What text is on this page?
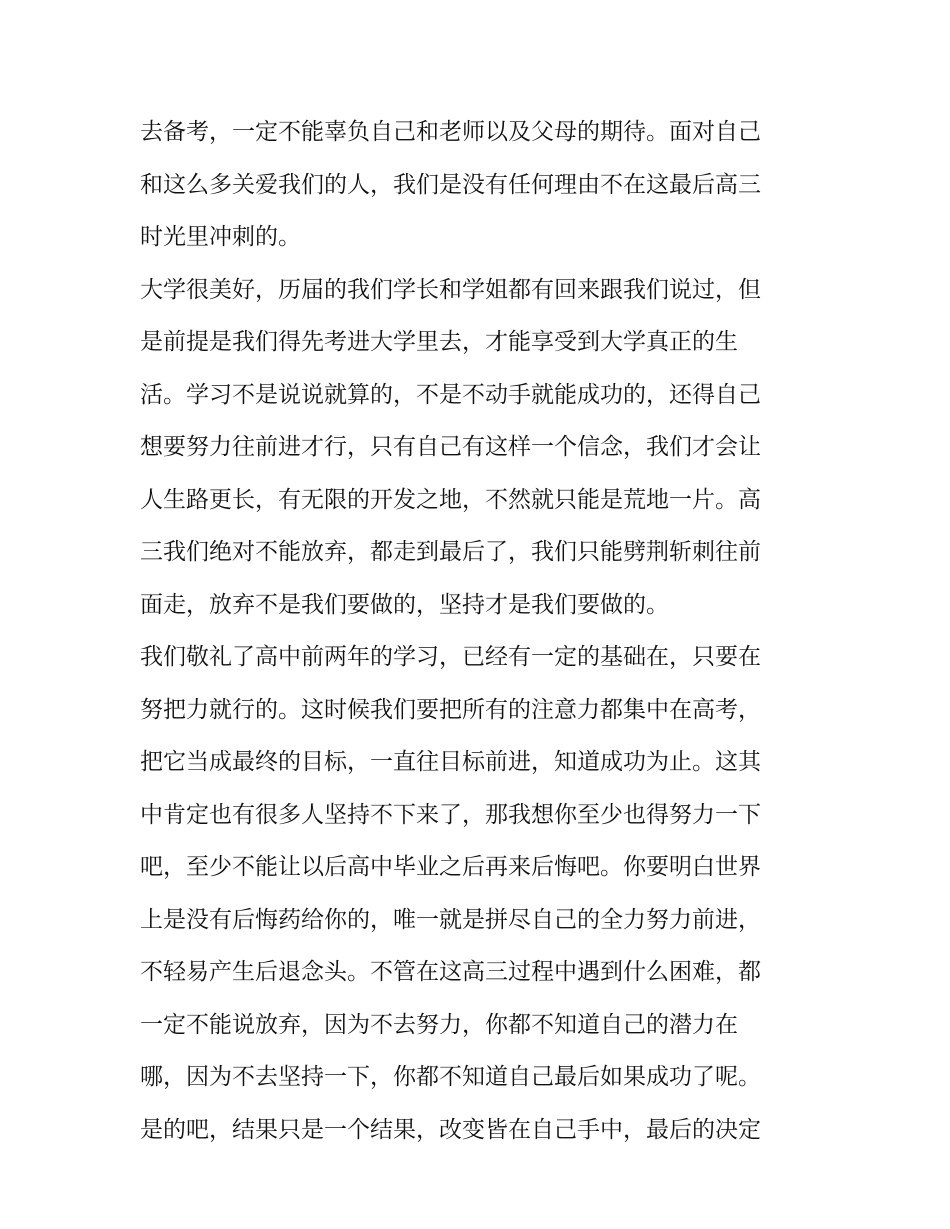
去备考，一定不能辜负自己和老师以及父母的期待。面对自己
和这么多关爱我们的人，我们是没有任何理由不在这最后高三
时光里冲刺的。
大学很美好，历届的我们学长和学姐都有回来跟我们说过，但
是前提是我们得先考进大学里去，才能享受到大学真正的生
活。学习不是说说就算的，不是不动手就能成功的，还得自己
想要努力往前进才行，只有自己有这样一个信念，我们才会让
人生路更长，有无限的开发之地，不然就只能是荒地一片。高
三我们绝对不能放弃，都走到最后了，我们只能劈荆斩刺往前
面走，放弃不是我们要做的，坚持才是我们要做的。
我们敬礼了高中前两年的学习，已经有一定的基础在，只要在
努把力就行的。这时候我们要把所有的注意力都集中在高考，
把它当成最终的目标，一直往目标前进，知道成功为止。这其
中肯定也有很多人坚持不下来了，那我想你至少也得努力一下
吧，至少不能让以后高中毕业之后再来后悔吧。你要明白世界
上是没有后悔药给你的，唯一就是拼尽自己的全力努力前进，
不轻易产生后退念头。不管在这高三过程中遇到什么困难，都
一定不能说放弃，因为不去努力，你都不知道自己的潜力在
哪，因为不去坚持一下，你都不知道自己最后如果成功了呢。
是的吧，结果只是一个结果，改变皆在自己手中，最后的决定
